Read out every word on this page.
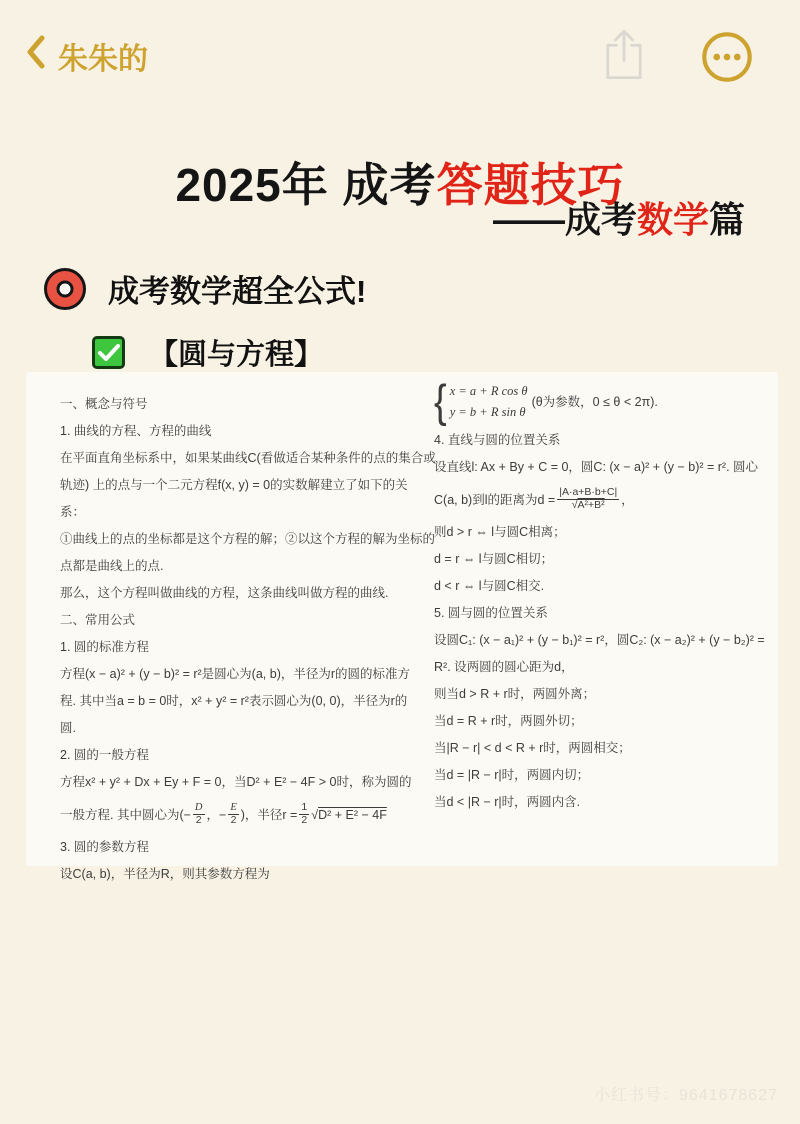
朱朱的
2025年 成考答题技巧
——成考数学篇
成考数学超全公式!
【圆与方程】
一、概念与符号
1. 曲线的方程、方程的曲线
在平面直角坐标系中，如果某曲线C(看做适合某种条件的点的集合或
轨迹) 上的点与一个二元方程f(x, y) = 0的实数解建立了如下的关
系：
①曲线上的点的坐标都是这个方程的解；②以这个方程的解为坐标的
点都是曲线上的点.
那么，这个方程叫做曲线的方程，这条曲线叫做方程的曲线.
二、常用公式
1. 圆的标准方程
方程(x − a)² + (y − b)² = r²是圆心为(a, b)，半径为r的圆的标准方
程. 其中当a = b = 0时，x² + y² = r²表示圆心为(0, 0)，半径为r的
圆.
2. 圆的一般方程
方程x² + y² + Dx + Ey + F = 0，当D² + E² − 4F > 0时，称为圆的
一般方程. 其中圆心为(− $\frac{D}{2}$ ，− $\frac{E}{2}$ )，半径$r = \frac{1}{2}$ √ D² + E² − 4F
3. 圆的参数方程
设C(a, b)，半径为R，则其参数方程为
{ x = a + R cos θ
y = b + R sin θ
(θ为参数，0 ≤ θ < 2π).
4. 直线与圆的位置关系
设直线l: Ax + By + C = 0，圆C: (x − a)² + (y − b)² = r². 圆心
C(a, b)到l的距离为$d = \frac{|A\cdot a+B\cdot b+C|}{\text{√A²+B²}}$ ，
则d > r ⇔ l与圆C相离；
d = r ⇔ l与圆C相切；
d < r ⇔ l与圆C相交.
5. 圆与圆的位置关系
设圆C₁: (x − a₁)² + (y − b₁)² = r²，圆C₂: (x − a₂)² + (y − b₂)² =
R². 设两圆的圆心距为d，
则当d > R + r时，两圆外离；
当d = R + r时，两圆外切；
当|R − r| < d < R + r时，两圆相交；
当d = |R − r|时，两圆内切；
当d < |R − r|时，两圆内含.
小红书号：9641678627
